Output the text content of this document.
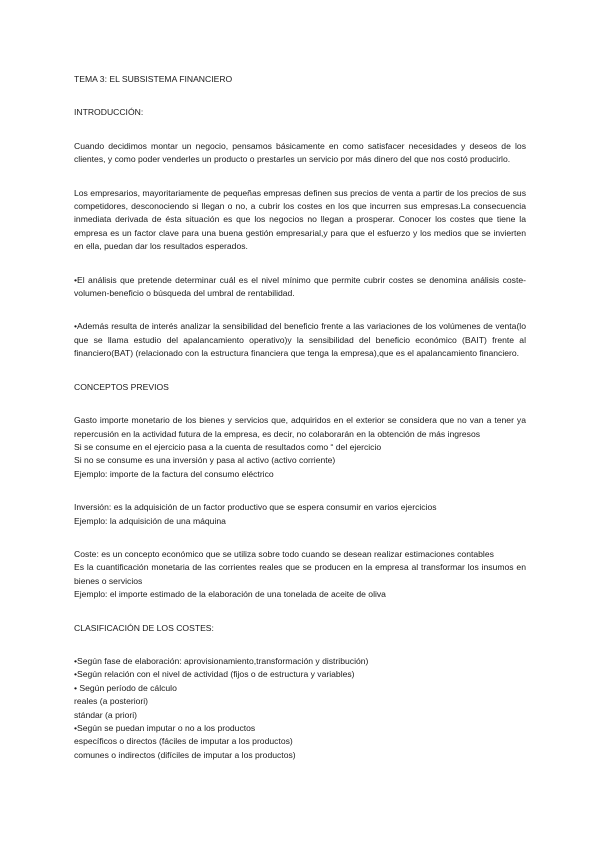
TEMA 3: EL SUBSISTEMA FINANCIERO

INTRODUCCIÓN:

Cuando decidimos montar un negocio, pensamos básicamente en como satisfacer necesidades y deseos de los clientes, y como poder venderles un producto o prestarles un servicio por más dinero del que nos costó producirlo.

Los empresarios, mayoritariamente de pequeñas empresas definen sus precios de venta a partir de los precios de sus competidores, desconociendo si llegan o no, a cubrir los costes en los que incurren sus empresas.La consecuencia inmediata derivada de ésta situación es que los negocios no llegan a prosperar. Conocer los costes que tiene la empresa es un factor clave para una buena gestión empresarial,y para que el esfuerzo y los medios que se invierten en ella, puedan dar los resultados esperados.

•El análisis que pretende determinar cuál es el nivel mínimo que permite cubrir costes se denomina análisis coste-volumen-beneficio o búsqueda del umbral de rentabilidad.

•Además resulta de interés analizar la sensibilidad del beneficio frente a las variaciones de los volúmenes de venta(lo que se llama estudio del apalancamiento operativo)y la sensibilidad del beneficio económico (BAIT) frente al financiero(BAT) (relacionado con la estructura financiera que tenga la empresa),que es el apalancamiento financiero.

CONCEPTOS PREVIOS

Gasto importe monetario de los bienes y servicios que, adquiridos en el exterior se considera que no van a tener ya repercusión en la actividad futura de la empresa, es decir, no colaborarán en la obtención de más ingresos

Si se consume en el ejercicio pasa a la cuenta de resultados como “ del ejercicio

Si no se consume es una inversión y pasa al activo (activo corriente)

Ejemplo: importe de la factura del consumo eléctrico

Inversión: es la adquisición de un factor productivo que se espera consumir en varios ejercicios

Ejemplo: la adquisición de una máquina

Coste: es un concepto económico que se utiliza sobre todo cuando se desean realizar estimaciones contables

Es la cuantificación monetaria de las corrientes reales que se producen en la empresa al transformar los insumos en bienes o servicios

Ejemplo: el importe estimado de la elaboración de una tonelada de aceite de oliva

CLASIFICACIÓN DE LOS COSTES:

•Según fase de elaboración: aprovisionamiento,transformación y distribución)

•Según relación con el nivel de actividad (fijos o de estructura y variables)

• Según período de cálculo

reales (a posteriori)

stándar (a priori)

•Según se puedan imputar o no a los productos

específicos o directos (fáciles de imputar a los productos)

comunes o indirectos (difíciles de imputar a los productos)
